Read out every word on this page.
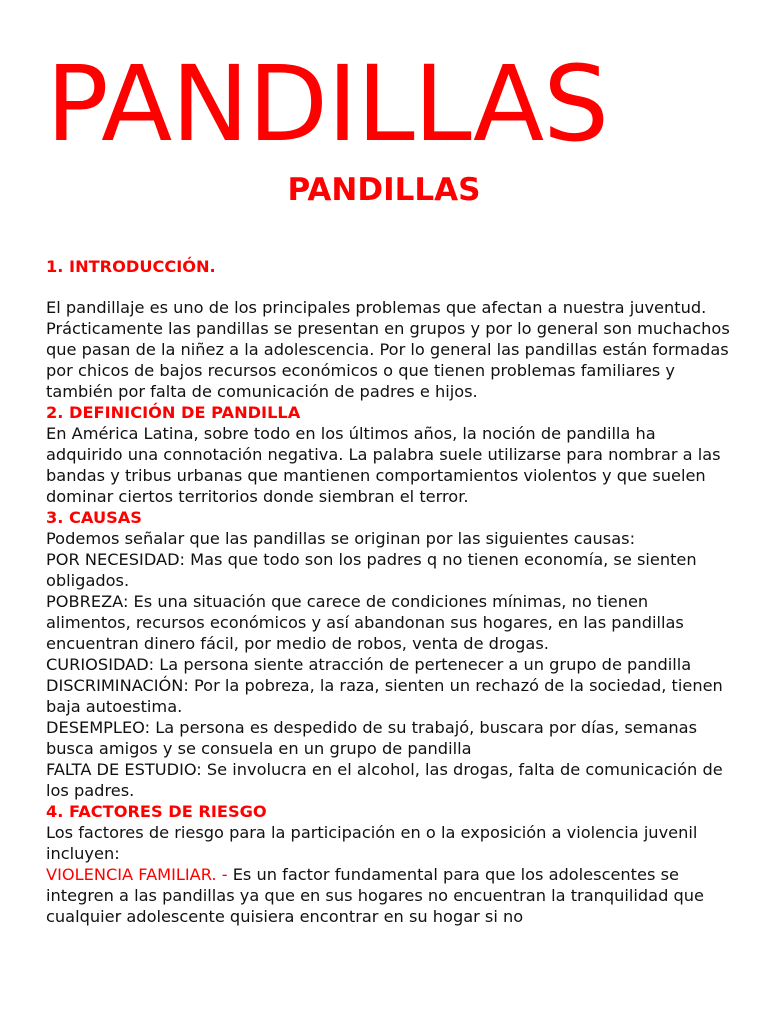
PANDILLAS
PANDILLAS

1. INTRODUCCIÓN.

El pandillaje es uno de los principales problemas que afectan a nuestra juventud. Prácticamente las pandillas se presentan en grupos y por lo general son muchachos que pasan de la niñez a la adolescencia. Por lo general las pandillas están formadas por chicos de bajos recursos económicos o que tienen problemas familiares y también por falta de comunicación de padres e hijos.

2. DEFINICIÓN DE PANDILLA

En América Latina, sobre todo en los últimos años, la noción de pandilla ha adquirido una connotación negativa. La palabra suele utilizarse para nombrar a las bandas y tribus urbanas que mantienen comportamientos violentos y que suelen dominar ciertos territorios donde siembran el terror.

3. CAUSAS

Podemos señalar que las pandillas se originan por las siguientes causas:

POR NECESIDAD: Mas que todo son los padres q no tienen economía, se sienten obligados.

POBREZA: Es una situación que carece de condiciones mínimas, no tienen alimentos, recursos económicos y así abandonan sus hogares, en las pandillas encuentran dinero fácil, por medio de robos, venta de drogas.

CURIOSIDAD: La persona siente atracción de pertenecer a un grupo de pandilla

DISCRIMINACIÓN: Por la pobreza, la raza, sienten un rechazó de la sociedad, tienen baja autoestima.

DESEMPLEO: La persona es despedido de su trabajó, buscara por días, semanas busca amigos y se consuela en un grupo de pandilla

FALTA DE ESTUDIO: Se involucra en el alcohol, las drogas, falta de comunicación de los padres.

4. FACTORES DE RIESGO

Los factores de riesgo para la participación en o la exposición a violencia juvenil incluyen:

VIOLENCIA FAMILIAR. - Es un factor fundamental para que los adolescentes se integren a las pandillas ya que en sus hogares no encuentran la tranquilidad que cualquier adolescente quisiera encontrar en su hogar si no
